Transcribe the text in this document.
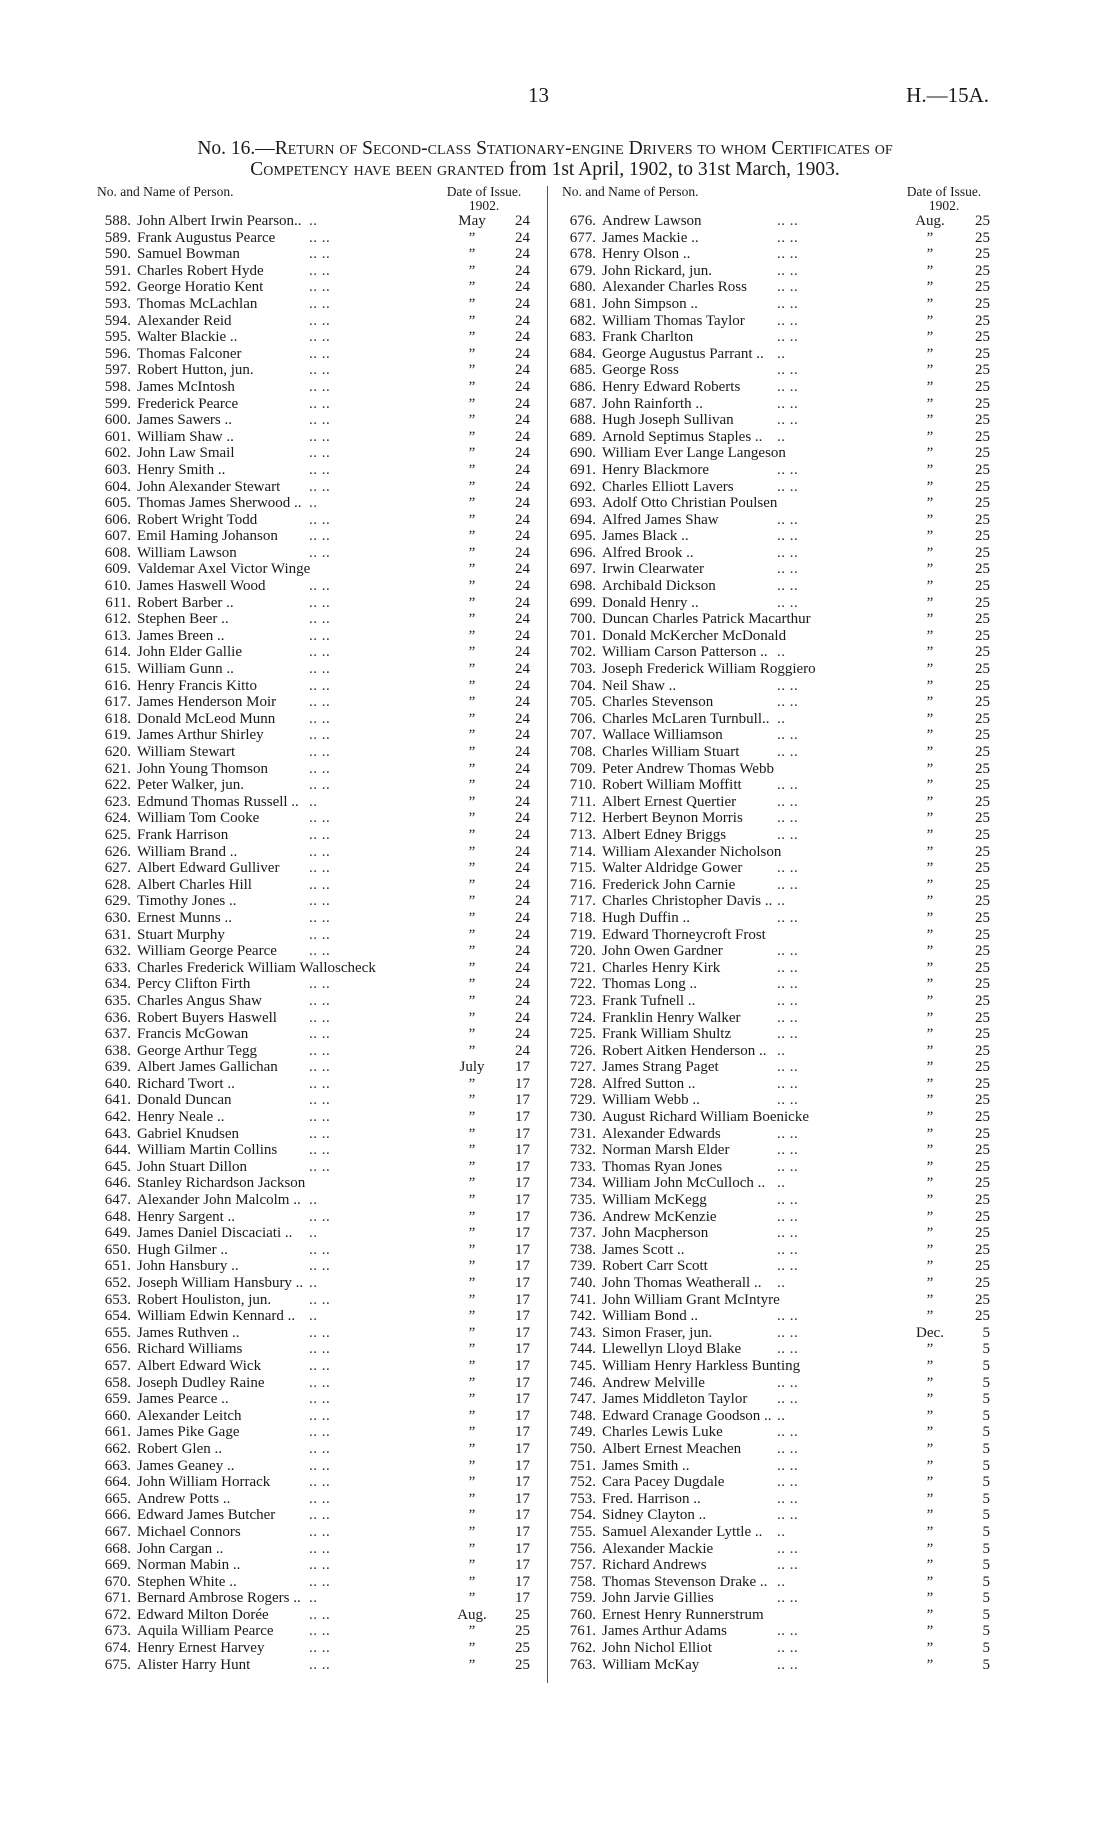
13	H.—15A.
No. 16.—Return of Second-class Stationary-engine Drivers to whom Certificates of
Competency have been granted from 1st April, 1902, to 31st March, 1903.
No. and Name of Person.	Date of Issue.
1902.
588. John Albert Irwin Pearson.. ..	May	24
589. Frank Augustus Pearce .. ..	”	24
590. Samuel Bowman	.. ..	”	24
591. Charles Robert Hyde	.. ..	”	24
592. George Horatio Kent	.. ..	”	24
593. Thomas McLachlan	.. ..	”	24
594. Alexander Reid	.. ..	”	24
595. Walter Blackie ..	.. ..	”	24
596. Thomas Falconer	.. ..	”	24
597. Robert Hutton, jun.	.. ..	”	24
598. James McIntosh	.. ..	”	24
599. Frederick Pearce	.. ..	”	24
600. James Sawers ..	.. ..	”	24
601. William Shaw ..	.. ..	”	24
602. John Law Smail	.. ..	”	24
603. Henry Smith ..	.. ..	”	24
604. John Alexander Stewart .. ..	”	24
605. Thomas James Sherwood .. ..	”	24
606. Robert Wright Todd	.. ..	”	24
607. Emil Haming Johanson .. ..	”	24
608. William Lawson	.. ..	”	24
609. Valdemar Axel Victor Winge	”	24
610. James Haswell Wood	.. ..	”	24
611. Robert Barber ..	.. ..	”	24
612. Stephen Beer ..	.. ..	”	24
613. James Breen ..	.. ..	”	24
614. John Elder Gallie	.. ..	”	24
615. William Gunn ..	.. ..	”	24
616. Henry Francis Kitto	.. ..	”	24
617. James Henderson Moir .. ..	”	24
618. Donald McLeod Munn .. ..	”	24
619. James Arthur Shirley	.. ..	”	24
620. William Stewart	.. ..	”	24
621. John Young Thomson	.. ..	”	24
622. Peter Walker, jun.	.. ..	”	24
623. Edmund Thomas Russell .. ..	”	24
624. William Tom Cooke	.. ..	”	24
625. Frank Harrison	.. ..	”	24
626. William Brand ..	.. ..	”	24
627. Albert Edward Gulliver .. ..	”	24
628. Albert Charles Hill	.. ..	”	24
629. Timothy Jones ..	.. ..	”	24
630. Ernest Munns ..	.. ..	”	24
631. Stuart Murphy	.. ..	”	24
632. William George Pearce .. ..	”	24
633. Charles Frederick William Walloscheck	”	24
634. Percy Clifton Firth	.. ..	”	24
635. Charles Angus Shaw	.. ..	”	24
636. Robert Buyers Haswell .. ..	”	24
637. Francis McGowan	.. ..	”	24
638. George Arthur Tegg	.. ..	”	24
639. Albert James Gallichan .. ..	July	17
640. Richard Twort ..	.. ..	”	17
641. Donald Duncan	.. ..	”	17
642. Henry Neale ..	.. ..	”	17
643. Gabriel Knudsen	.. ..	”	17
644. William Martin Collins .. ..	”	17
645. John Stuart Dillon	.. ..	”	17
646. Stanley Richardson Jackson	”	17
647. Alexander John Malcolm .. ..	”	17
648. Henry Sargent ..	.. ..	”	17
649. James Daniel Discaciati .. ..	”	17
650. Hugh Gilmer ..	.. ..	”	17
651. John Hansbury ..	.. ..	”	17
652. Joseph William Hansbury .. ..	”	17
653. Robert Houliston, jun.	.. ..	”	17
654. William Edwin Kennard .. ..	”	17
655. James Ruthven ..	.. ..	”	17
656. Richard Williams	.. ..	”	17
657. Albert Edward Wick	.. ..	”	17
658. Joseph Dudley Raine	.. ..	”	17
659. James Pearce ..	.. ..	”	17
660. Alexander Leitch	.. ..	”	17
661. James Pike Gage	.. ..	”	17
662. Robert Glen ..	.. ..	”	17
663. James Geaney ..	.. ..	”	17
664. John William Horrack	.. ..	”	17
665. Andrew Potts ..	.. ..	”	17
666. Edward James Butcher .. ..	”	17
667. Michael Connors	.. ..	”	17
668. John Cargan ..	.. ..	”	17
669. Norman Mabin ..	.. ..	”	17
670. Stephen White ..	.. ..	”	17
671. Bernard Ambrose Rogers .. ..	”	17
672. Edward Milton Dorée	.. ..	Aug.	25
673. Aquila William Pearce .. ..	”	25
674. Henry Ernest Harvey	.. ..	”	25
675. Alister Harry Hunt	.. ..	”	25
No. and Name of Person.	Date of Issue.
1902.
676. Andrew Lawson	.. ..	Aug.	25
677. James Mackie ..	.. ..	”	25
678. Henry Olson ..	.. ..	”	25
679. John Rickard, jun.	.. ..	”	25
680. Alexander Charles Ross .. ..	”	25
681. John Simpson ..	.. ..	”	25
682. William Thomas Taylor .. ..	”	25
683. Frank Charlton	.. ..	”	25
684. George Augustus Parrant .. ..	”	25
685. George Ross	.. ..	”	25
686. Henry Edward Roberts .. ..	”	25
687. John Rainforth ..	.. ..	”	25
688. Hugh Joseph Sullivan	.. ..	”	25
689. Arnold Septimus Staples .. ..	”	25
690. William Ever Lange Langeson	”	25
691. Henry Blackmore	.. ..	”	25
692. Charles Elliott Lavers	.. ..	”	25
693. Adolf Otto Christian Poulsen	”	25
694. Alfred James Shaw	.. ..	”	25
695. James Black ..	.. ..	”	25
696. Alfred Brook ..	.. ..	”	25
697. Irwin Clearwater	.. ..	”	25
698. Archibald Dickson	.. ..	”	25
699. Donald Henry ..	.. ..	”	25
700. Duncan Charles Patrick Macarthur	”	25
701. Donald McKercher McDonald	”	25
702. William Carson Patterson .. ..	”	25
703. Joseph Frederick William Roggiero	”	25
704. Neil Shaw ..	.. ..	”	25
705. Charles Stevenson	.. ..	”	25
706. Charles McLaren Turnbull.. ..	”	25
707. Wallace Williamson	.. ..	”	25
708. Charles William Stuart	.. ..	”	25
709. Peter Andrew Thomas Webb	”	25
710. Robert William Moffitt .. ..	”	25
711. Albert Ernest Quertier	.. ..	”	25
712. Herbert Beynon Morris .. ..	”	25
713. Albert Edney Briggs	.. ..	”	25
714. William Alexander Nicholson	”	25
715. Walter Aldridge Gower .. ..	”	25
716. Frederick John Carnie	.. ..	”	25
717. Charles Christopher Davis .. ..	”	25
718. Hugh Duffin ..	.. ..	”	25
719. Edward Thorneycroft Frost	”	25
720. John Owen Gardner	.. ..	”	25
721. Charles Henry Kirk	.. ..	”	25
722. Thomas Long ..	.. ..	”	25
723. Frank Tufnell ..	.. ..	”	25
724. Franklin Henry Walker .. ..	”	25
725. Frank William Shultz	.. ..	”	25
726. Robert Aitken Henderson .. ..	”	25
727. James Strang Paget	.. ..	”	25
728. Alfred Sutton ..	.. ..	”	25
729. William Webb ..	.. ..	”	25
730. August Richard William Boenicke	”	25
731. Alexander Edwards	.. ..	”	25
732. Norman Marsh Elder	.. ..	”	25
733. Thomas Ryan Jones	.. ..	”	25
734. William John McCulloch .. ..	”	25
735. William McKegg	.. ..	”	25
736. Andrew McKenzie	.. ..	”	25
737. John Macpherson	.. ..	”	25
738. James Scott ..	.. ..	”	25
739. Robert Carr Scott	.. ..	”	25
740. John Thomas Weatherall .. ..	”	25
741. John William Grant McIntyre	”	25
742. William Bond ..	.. ..	”	25
743. Simon Fraser, jun.	.. ..	Dec.	5
744. Llewellyn Lloyd Blake .. ..	”	5
745. William Henry Harkless Bunting	”	5
746. Andrew Melville	.. ..	”	5
747. James Middleton Taylor .. ..	”	5
748. Edward Cranage Goodson .. ..	”	5
749. Charles Lewis Luke	.. ..	”	5
750. Albert Ernest Meachen .. ..	”	5
751. James Smith ..	.. ..	”	5
752. Cara Pacey Dugdale	.. ..	”	5
753. Fred. Harrison ..	.. ..	”	5
754. Sidney Clayton ..	.. ..	”	5
755. Samuel Alexander Lyttle .. ..	”	5
756. Alexander Mackie	.. ..	”	5
757. Richard Andrews	.. ..	”	5
758. Thomas Stevenson Drake .. ..	”	5
759. John Jarvie Gillies	.. ..	”	5
760. Ernest Henry Runnerstrum	”	5
761. James Arthur Adams	.. ..	”	5
762. John Nichol Elliot	.. ..	”	5
763. William McKay	.. ..	”	5
